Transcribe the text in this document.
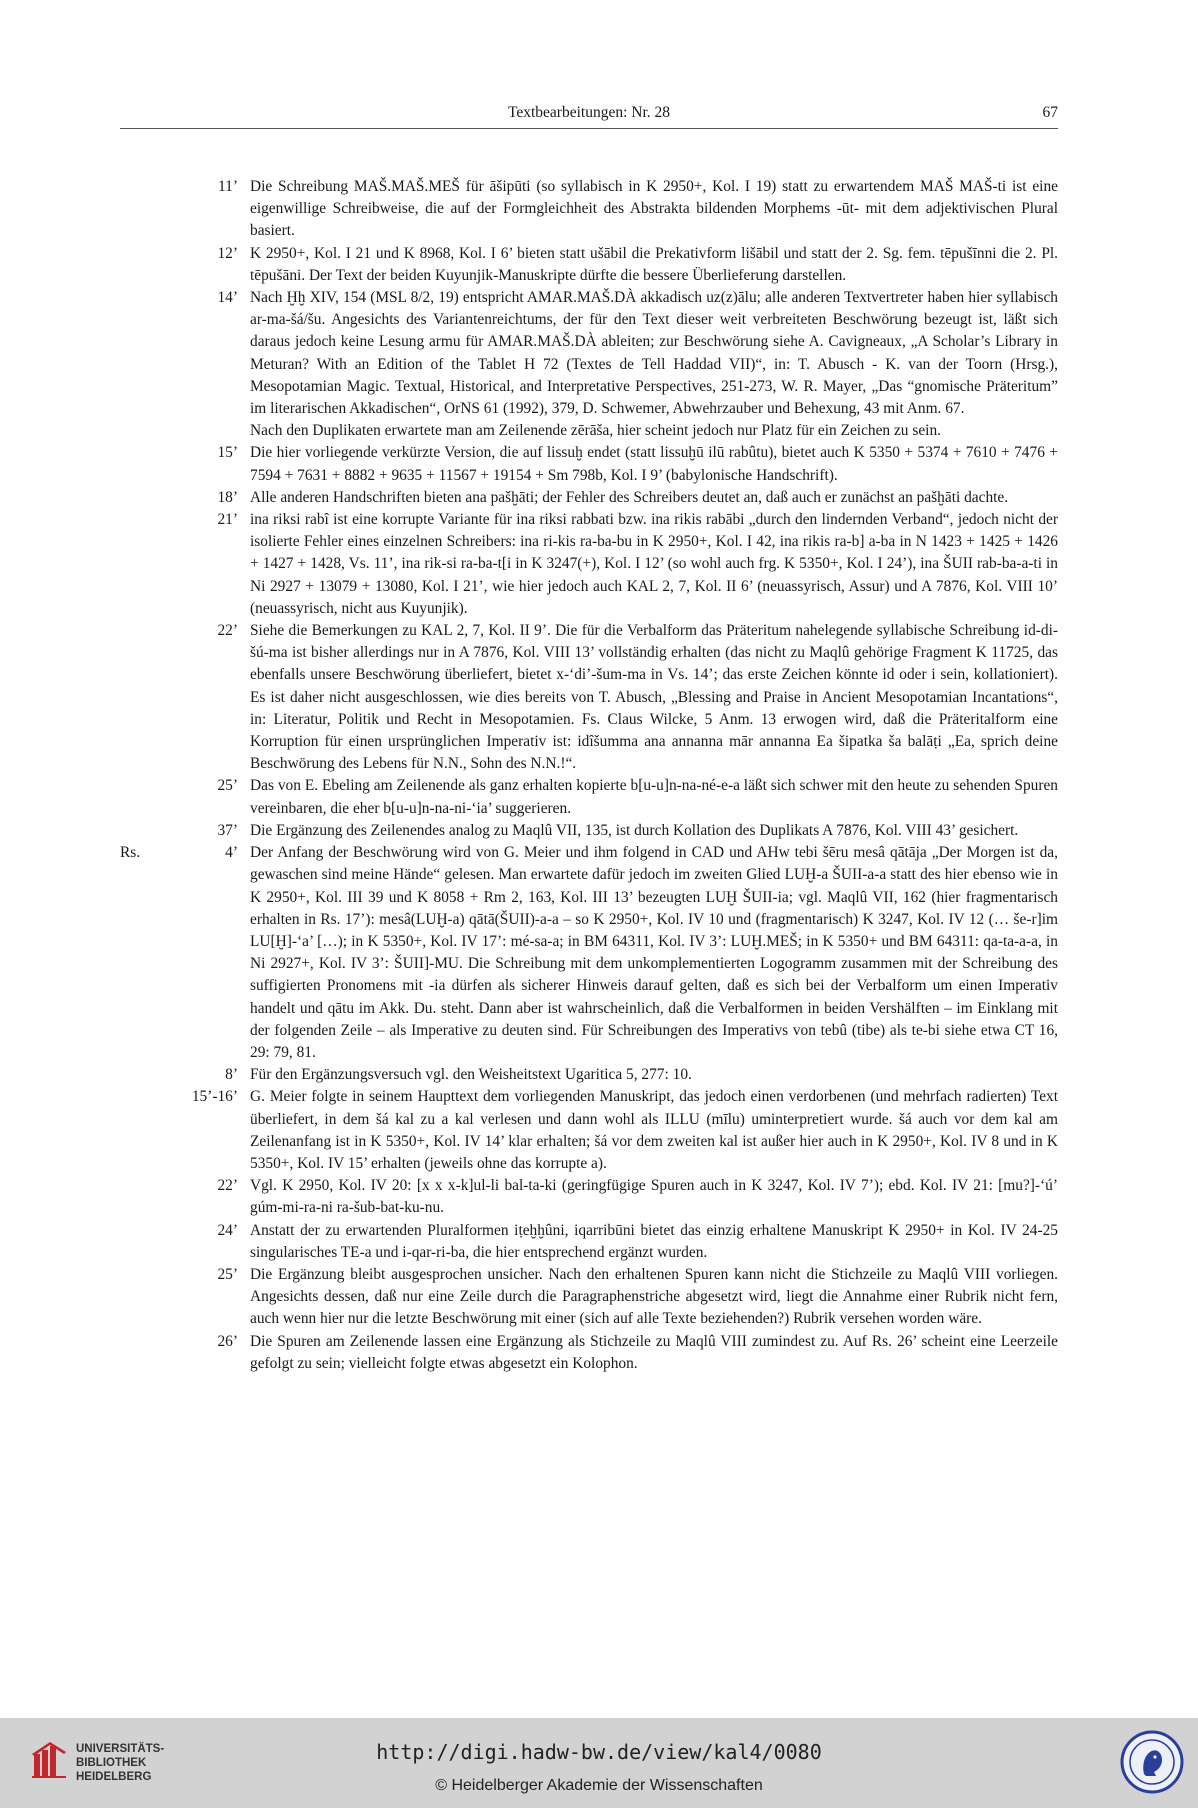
Textbearbeitungen: Nr. 28	67
11’ Die Schreibung MAŠ.MAŠ.MEŠ für āšipūti (so syllabisch in K 2950+, Kol. I 19) statt zu erwartendem MAŠ MAŠ-ti ist eine eigenwillige Schreibweise, die auf der Formgleichheit des Abstrakta bildenden Morphems -ūt- mit dem adjektivischen Plural basiert.

12’ K 2950+, Kol. I 21 und K 8968, Kol. I 6’ bieten statt ušābil die Prekativform lišābil und statt der 2. Sg. fem. tēpušīnni die 2. Pl. tēpušāni. Der Text der beiden Kuyunjik-Manuskripte dürfte die bessere Überlieferung darstellen.

14’ Nach Ḫḫ XIV, 154 (MSL 8/2, 19) entspricht AMAR.MAŠ.DÀ akkadisch uz(z)ālu; alle anderen Textvertreter haben hier syllabisch ar-ma-šá/šu. Angesichts des Variantenreichtums, der für den Text dieser weit verbreiteten Beschwörung bezeugt ist, läßt sich daraus jedoch keine Lesung armu für AMAR.MAŠ.DÀ ableiten; zur Beschwörung siehe A. Cavigneaux, „A Scholar’s Library in Meturan? With an Edition of the Tablet H 72 (Textes de Tell Haddad VII)“, in: T. Abusch - K. van der Toorn (Hrsg.), Mesopotamian Magic. Textual, Historical, and Interpretative Perspectives, 251-273, W. R. Mayer, „Das “gnomische Präteritum” im literarischen Akkadischen“, OrNS 61 (1992), 379, D. Schwemer, Abwehrzauber und Behexung, 43 mit Anm. 67.

Nach den Duplikaten erwartete man am Zeilenende zērāša, hier scheint jedoch nur Platz für ein Zeichen zu sein.

15’ Die hier vorliegende verkürzte Version, die auf lissuḫ endet (statt lissuḫū ilū rabûtu), bietet auch K 5350 + 5374 + 7610 + 7476 + 7594 + 7631 + 8882 + 9635 + 11567 + 19154 + Sm 798b, Kol. I 9’ (babylonische Handschrift).

18’ Alle anderen Handschriften bieten ana pašḫāti; der Fehler des Schreibers deutet an, daß auch er zunächst an pašḫāti dachte.

21’ ina riksi rabî ist eine korrupte Variante für ina riksi rabbati bzw. ina rikis rabābi „durch den lindernden Verband“, jedoch nicht der isolierte Fehler eines einzelnen Schreibers: ina ri-kis ra-ba-bu in K 2950+, Kol. I 42, ina rikis ra-b] a-ba in N 1423 + 1425 + 1426 + 1427 + 1428, Vs. 11’, ina rik-si ra-ba-t[i in K 3247(+), Kol. I 12’ (so wohl auch frg. K 5350+, Kol. I 24’), ina ŠUII rab-ba-a-ti in Ni 2927 + 13079 + 13080, Kol. I 21’, wie hier jedoch auch KAL 2, 7, Kol. II 6’ (neuassyrisch, Assur) und A 7876, Kol. VIII 10’ (neuassyrisch, nicht aus Kuyunjik).

22’ Siehe die Bemerkungen zu KAL 2, 7, Kol. II 9’. Die für die Verbalform das Präteritum nahelegende syllabische Schreibung id-di-šú-ma ist bisher allerdings nur in A 7876, Kol. VIII 13’ vollständig erhalten (das nicht zu Maqlû gehörige Fragment K 11725, das ebenfalls unsere Beschwörung überliefert, bietet x-‘di’-šum-ma in Vs. 14’; das erste Zeichen könnte id oder i sein, kollationiert). Es ist daher nicht ausgeschlossen, wie dies bereits von T. Abusch, „Blessing and Praise in Ancient Mesopotamian Incantations“, in: Literatur, Politik und Recht in Mesopotamien. Fs. Claus Wilcke, 5 Anm. 13 erwogen wird, daß die Präteritalform eine Korruption für einen ursprünglichen Imperativ ist: idîšumma ana annanna mār annanna Ea šipatka ša balāṭi „Ea, sprich deine Beschwörung des Lebens für N.N., Sohn des N.N.!“.

25’ Das von E. Ebeling am Zeilenende als ganz erhalten kopierte b[u-u]n-na-né-e-a läßt sich schwer mit den heute zu sehenden Spuren vereinbaren, die eher b[u-u]n-na-ni-‘ia’ suggerieren.

37’ Die Ergänzung des Zeilenendes analog zu Maqlû VII, 135, ist durch Kollation des Duplikats A 7876, Kol. VIII 43’ gesichert.

Rs.	4’ Der Anfang der Beschwörung wird von G. Meier und ihm folgend in CAD und AHw tebi šēru mesâ qātāja „Der Morgen ist da, gewaschen sind meine Hände“ gelesen. Man erwartete dafür jedoch im zweiten Glied LUḪ-a ŠUII-a-a statt des hier ebenso wie in K 2950+, Kol. III 39 und K 8058 + Rm 2, 163, Kol. III 13’ bezeugten LUḪ ŠUII-ia; vgl. Maqlû VII, 162 (hier fragmentarisch erhalten in Rs. 17’): mesâ(LUḪ-a) qātā(ŠUII)-a-a – so K 2950+, Kol. IV 10 und (fragmentarisch) K 3247, Kol. IV 12 (… še-r]im LU[Ḫ]-‘a’ […); in K 5350+, Kol. IV 17’: mé-sa-a; in BM 64311, Kol. IV 3’: LUḪ.MEŠ; in K 5350+ und BM 64311: qa-ta-a-a, in Ni 2927+, Kol. IV 3’: ŠUII]-MU. Die Schreibung mit dem unkomplementierten Logogramm zusammen mit der Schreibung des suffigierten Pronomens mit -ia dürfen als sicherer Hinweis darauf gelten, daß es sich bei der Verbalform um einen Imperativ handelt und qātu im Akk. Du. steht. Dann aber ist wahrscheinlich, daß die Verbalformen in beiden Vershälften – im Einklang mit der folgenden Zeile – als Imperative zu deuten sind. Für Schreibungen des Imperativs von tebû (tibe) als te-bi siehe etwa CT 16, 29: 79, 81.

8’ Für den Ergänzungsversuch vgl. den Weisheitstext Ugaritica 5, 277: 10.

15’-16’ G. Meier folgte in seinem Haupttext dem vorliegenden Manuskript, das jedoch einen verdorbenen (und mehrfach radierten) Text überliefert, in dem šá kal zu a kal verlesen und dann wohl als ILLU (mīlu) uminterpretiert wurde. šá auch vor dem kal am Zeilenanfang ist in K 5350+, Kol. IV 14’ klar erhalten; šá vor dem zweiten kal ist außer hier auch in K 2950+, Kol. IV 8 und in K 5350+, Kol. IV 15’ erhalten (jeweils ohne das korrupte a).

22’ Vgl. K 2950, Kol. IV 20: [x x x-k]ul-li bal-ta-ki (geringfügige Spuren auch in K 3247, Kol. IV 7’); ebd. Kol. IV 21: [mu?]-‘ú’ gúm-mi-ra-ni ra-šub-bat-ku-nu.

24’ Anstatt der zu erwartenden Pluralformen iṭeḫḫûni, iqarribūni bietet das einzig erhaltene Manuskript K 2950+ in Kol. IV 24-25 singularisches TE-a und i-qar-ri-ba, die hier entsprechend ergänzt wurden.

25’ Die Ergänzung bleibt ausgesprochen unsicher. Nach den erhaltenen Spuren kann nicht die Stichzeile zu Maqlû VIII vorliegen. Angesichts dessen, daß nur eine Zeile durch die Paragraphenstriche abgesetzt wird, liegt die Annahme einer Rubrik nicht fern, auch wenn hier nur die letzte Beschwörung mit einer (sich auf alle Texte beziehenden?) Rubrik versehen worden wäre.

26’ Die Spuren am Zeilenende lassen eine Ergänzung als Stichzeile zu Maqlû VIII zumindest zu. Auf Rs. 26’ scheint eine Leerzeile gefolgt zu sein; vielleicht folgte etwas abgesetzt ein Kolophon.

UNIVERSITÄTS-
BIBLIOTHEK
HEIDELBERG
http://digi.hadw-bw.de/view/kal4/0080
© Heidelberger Akademie der Wissenschaften
